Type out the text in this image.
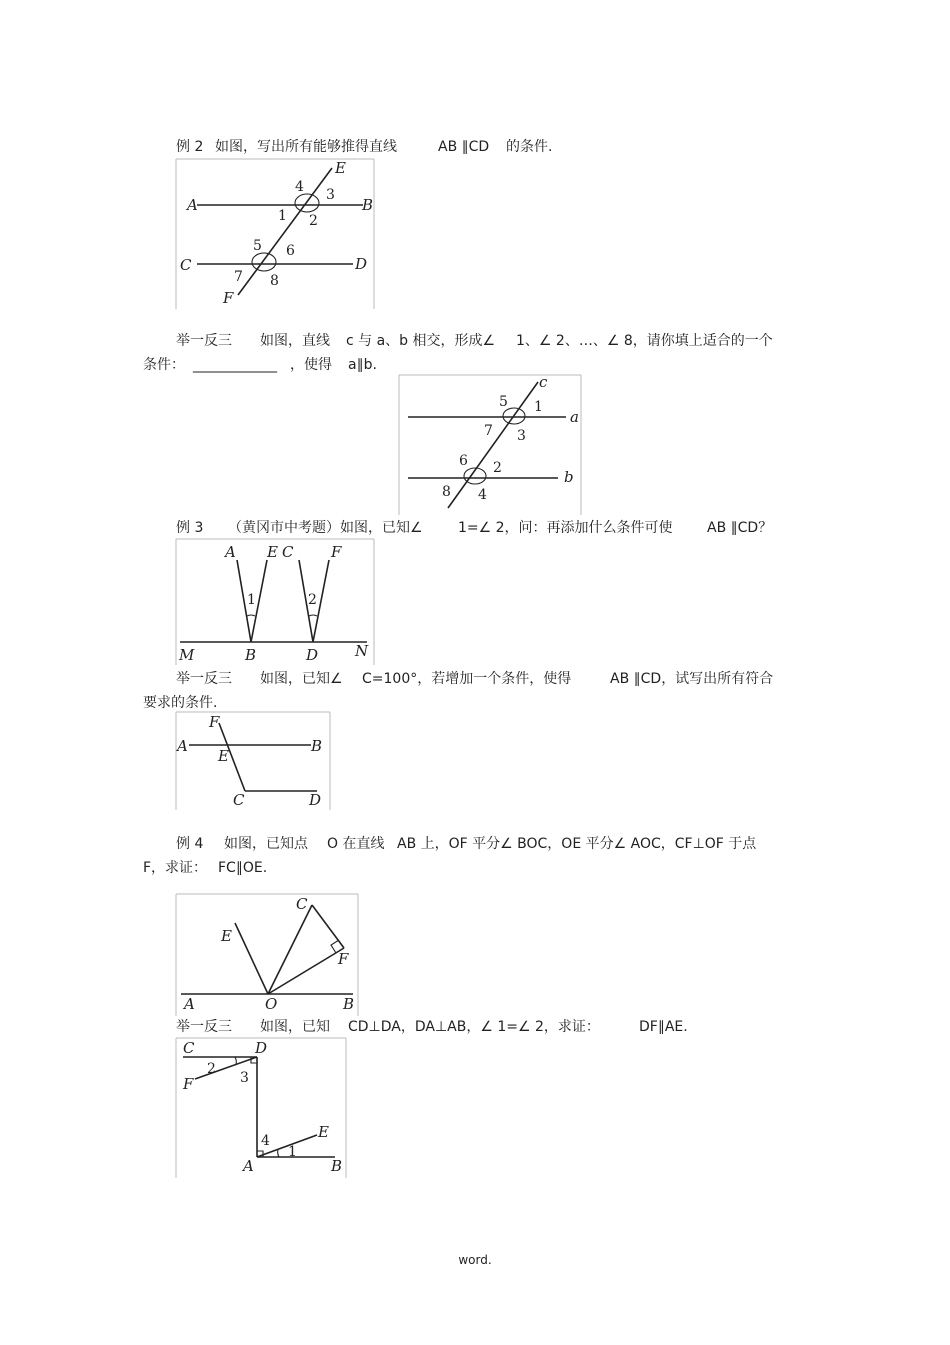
例 2 如图，写出所有能够推得直线	AB ∥CD 的条件.
A	B
C	D
E
F
1 2
3
4
5 6
7 8
举一反三 如图，直线 c 与 a、b 相交，形成∠ 1、∠ 2、…、∠ 8，请你填上适合的一个
条件： ____________ ，使得 a∥b.
c
a
b
1
2
3
4
5
6
7
8
例 3 （黄冈市中考题）如图，已知∠	1=∠ 2，问：再添加什么条件可使 AB ∥CD？
A E C	F
M	B	D N
1	2
举一反三 如图，已知∠ C=100°，若增加一个条件，使得	AB ∥CD，试写出所有符合
要求的条件.
A	B
C	D
E
F
例 4 如图，已知点 O 在直线 AB 上，OF 平分∠ BOC，OE 平分∠ AOC，CF⊥OF 于点
F，求证： FC∥OE.
A	B
C
E
F
O
举一反三 如图，已知 CD⊥DA，DA⊥AB，∠ 1=∠ 2，求证：	DF∥AE.
C	D
F
A	B
E
1
2
3
4
word.
